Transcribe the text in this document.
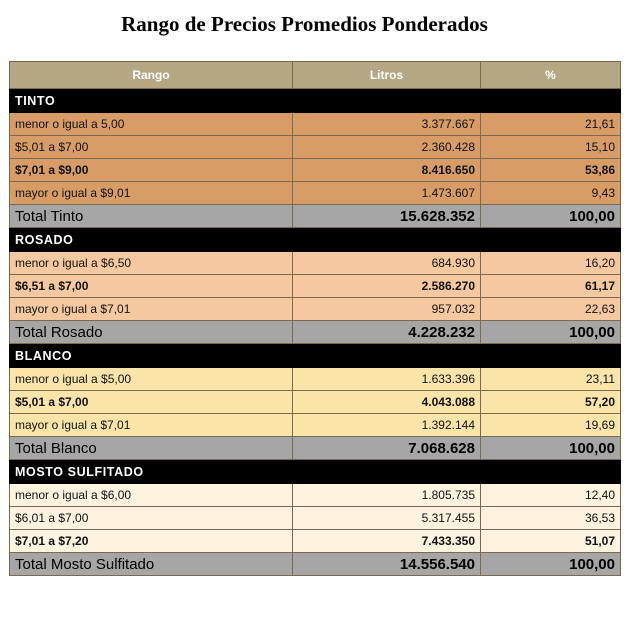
Rango de Precios Promedios Ponderados
Rango	Litros	%
TINTO		
menor o igual a 5,00	3.377.667	21,61
$5,01 a $7,00	2.360.428	15,10
$7,01 a $9,00	8.416.650	53,86
mayor o igual a $9,01	1.473.607	9,43
Total Tinto	15.628.352	100,00
ROSADO		
menor o igual a $6,50	684.930	16,20
$6,51 a $7,00	2.586.270	61,17
mayor o igual a $7,01	957.032	22,63
Total Rosado	4.228.232	100,00
BLANCO		
menor o igual a $5,00	1.633.396	23,11
$5,01 a $7,00	4.043.088	57,20
mayor o igual a $7,01	1.392.144	19,69
Total Blanco	7.068.628	100,00
MOSTO SULFITADO		
menor o igual a $6,00	1.805.735	12,40
$6,01 a $7,00	5.317.455	36,53
$7,01 a $7,20	7.433.350	51,07
Total Mosto Sulfitado	14.556.540	100,00
